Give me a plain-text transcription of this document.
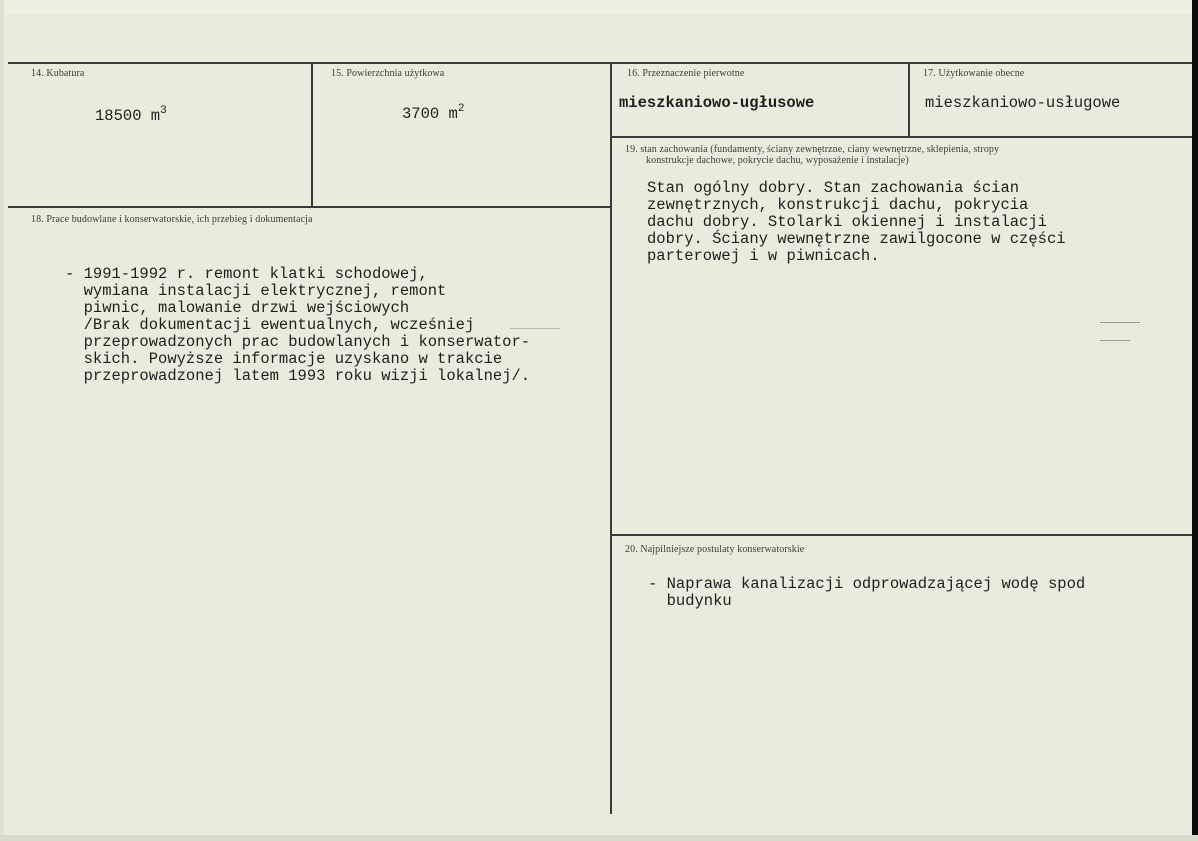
14. Kubatura
18500 $m^3$
15. Powierzchnia użytkowa
3700 $m^2$
16. Przeznaczenie pierwotne
mieszkaniowo-ugłusowe
17. Użytkowanie obecne
mieszkaniowo-usługowe
18. Prace budowlane i konserwatorskie, ich przebieg i dokumentacja
- 1991-1992 r. remont klatki schodowej,
wymiana instalacji elektrycznej, remont
piwnic, malowanie drzwi wejściowych
/Brak dokumentacji ewentualnych, wcześniej
przeprowadzonych prac budowlanych i konserwator-
skich. Powyższe informacje uzyskano w trakcie
przeprowadzonej latem 1993 roku wizji lokalnej/.
19. stan zachowania (fundamenty, ściany zewnętrzne, ciany wewnętrzne, sklepienia, stropy
konstrukcje dachowe, pokrycie dachu, wyposażenie i instalacje)
Stan ogólny dobry. Stan zachowania ścian
zewnętrznych, konstrukcji dachu, pokrycia
dachu dobry. Stolarki okiennej i instalacji
dobry. Ściany wewnętrzne zawilgocone w części
parterowej i w piwnicach.
20. Najpilniejsze postulaty konserwatorskie
- Naprawa kanalizacji odprowadzającej wodę spod
budynku
